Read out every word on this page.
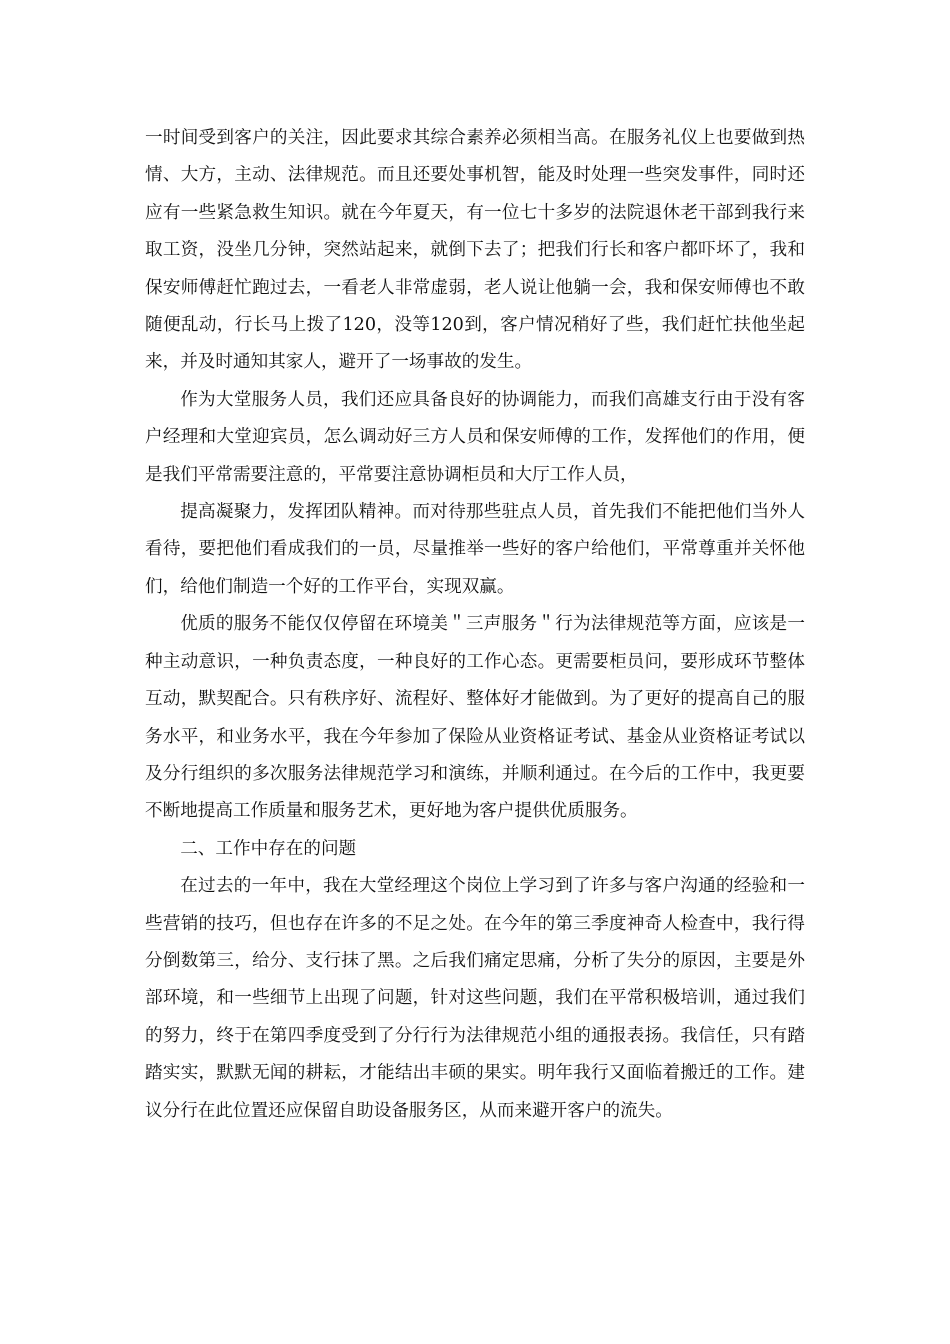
一时间受到客户的关注，因此要求其综合素养必须相当高。在服务礼仪上也要做到热情、大方，主动、法律规范。而且还要处事机智，能及时处理一些突发事件，同时还应有一些紧急救生知识。就在今年夏天，有一位七十多岁的法院退休老干部到我行来取工资，没坐几分钟，突然站起来，就倒下去了；把我们行长和客户都吓坏了，我和保安师傅赶忙跑过去，一看老人非常虚弱，老人说让他躺一会，我和保安师傅也不敢随便乱动，行长马上拨了120，没等120到，客户情况稍好了些，我们赶忙扶他坐起来，并及时通知其家人，避开了一场事故的发生。

作为大堂服务人员，我们还应具备良好的协调能力，而我们高雄支行由于没有客户经理和大堂迎宾员，怎么调动好三方人员和保安师傅的工作，发挥他们的作用，便是我们平常需要注意的，平常要注意协调柜员和大厅工作人员，

提高凝聚力，发挥团队精神。而对待那些驻点人员，首先我们不能把他们当外人看待，要把他们看成我们的一员，尽量推举一些好的客户给他们，平常尊重并关怀他们，给他们制造一个好的工作平台，实现双赢。

优质的服务不能仅仅停留在环境美＂三声服务＂行为法律规范等方面，应该是一种主动意识，一种负责态度，一种良好的工作心态。更需要柜员问，要形成环节整体互动，默契配合。只有秩序好、流程好、整体好才能做到。为了更好的提高自己的服务水平，和业务水平，我在今年参加了保险从业资格证考试、基金从业资格证考试以及分行组织的多次服务法律规范学习和演练，并顺利通过。在今后的工作中，我更要不断地提高工作质量和服务艺术，更好地为客户提供优质服务。

二、工作中存在的问题

在过去的一年中，我在大堂经理这个岗位上学习到了许多与客户沟通的经验和一些营销的技巧，但也存在许多的不足之处。在今年的第三季度神奇人检查中，我行得分倒数第三，给分、支行抹了黑。之后我们痛定思痛，分析了失分的原因，主要是外部环境，和一些细节上出现了问题，针对这些问题，我们在平常积极培训，通过我们的努力，终于在第四季度受到了分行行为法律规范小组的通报表扬。我信任，只有踏踏实实，默默无闻的耕耘，才能结出丰硕的果实。明年我行又面临着搬迁的工作。建议分行在此位置还应保留自助设备服务区，从而来避开客户的流失。
